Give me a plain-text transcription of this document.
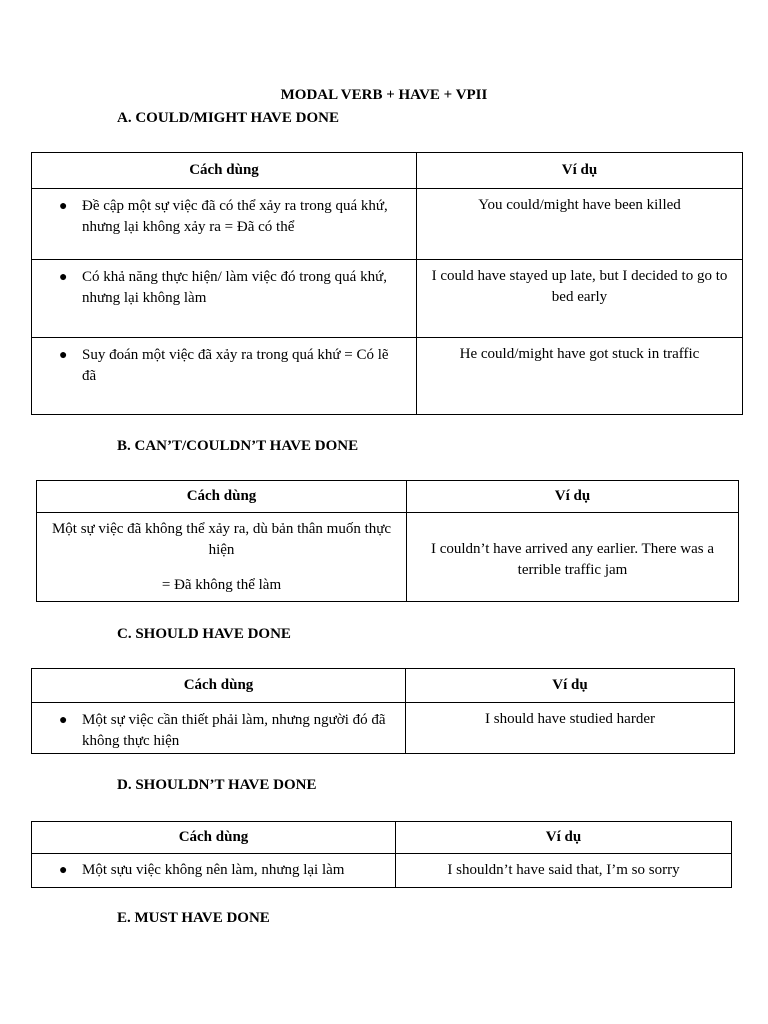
MODAL VERB + HAVE + VPII
A. COULD/MIGHT HAVE DONE
Cách dùng	Ví dụ

● Đề cập một sự việc đã có thể xảy ra trong quá khứ, nhưng lại không xảy ra = Đã có thể	You could/might have been killed

● Có khả năng thực hiện/ làm việc đó trong quá khứ, nhưng lại không làm	I could have stayed up late, but I decided to go to bed early

● Suy đoán một việc đã xảy ra trong quá khứ = Có lẽ đã	He could/might have got stuck in traffic
B. CAN’T/COULDN’T HAVE DONE
Cách dùng	Ví dụ
Một sự việc đã không thể xảy ra, dù bản thân muốn thực hiện
= Đã không thể làm	I couldn’t have arrived any earlier. There was a terrible traffic jam
C. SHOULD HAVE DONE
Cách dùng	Ví dụ

● Một sự việc cần thiết phải làm, nhưng người đó đã không thực hiện	I should have studied harder
D. SHOULDN’T HAVE DONE
Cách dùng	Ví dụ

● Một sựu việc không nên làm, nhưng lại làm	I shouldn’t have said that, I’m so sorry
E. MUST HAVE DONE
